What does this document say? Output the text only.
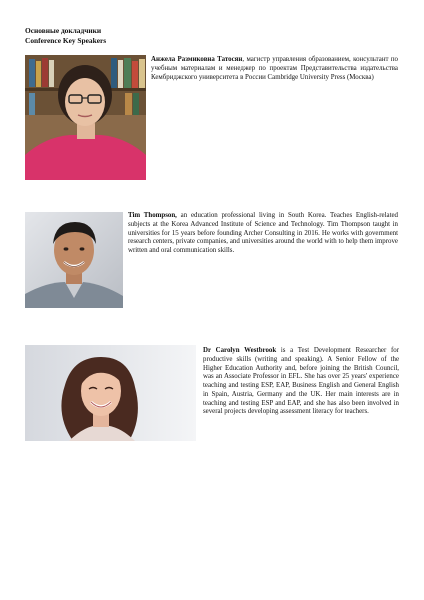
Основные докладчики
Conference Key Speakers
Анжела Размиковна Татосян, магистр управления образованием, консультант по учебным материалам и менеджер по проектам Представительства издательства Кембриджского университета в России Cambridge University Press (Москва)
Tim Thompson, an education professional living in South Korea. Teaches English-related subjects at the Korea Advanced Institute of Science and Technology. Tim Thompson taught in universities for 15 years before founding Archer Consulting in 2016. He works with government research centers, private companies, and universities around the world with to help them improve written and oral communication skills.
Dr Carolyn Westbrook is a Test Development Researcher for productive skills (writing and speaking). A Senior Fellow of the Higher Education Authority and, before joining the British Council, was an Associate Professor in EFL. She has over 25 years' experience teaching and testing ESP, EAP, Business English and General English in Spain, Austria, Germany and the UK. Her main interests are in teaching and testing ESP and EAP, and she has also been involved in several projects developing assessment literacy for teachers.
